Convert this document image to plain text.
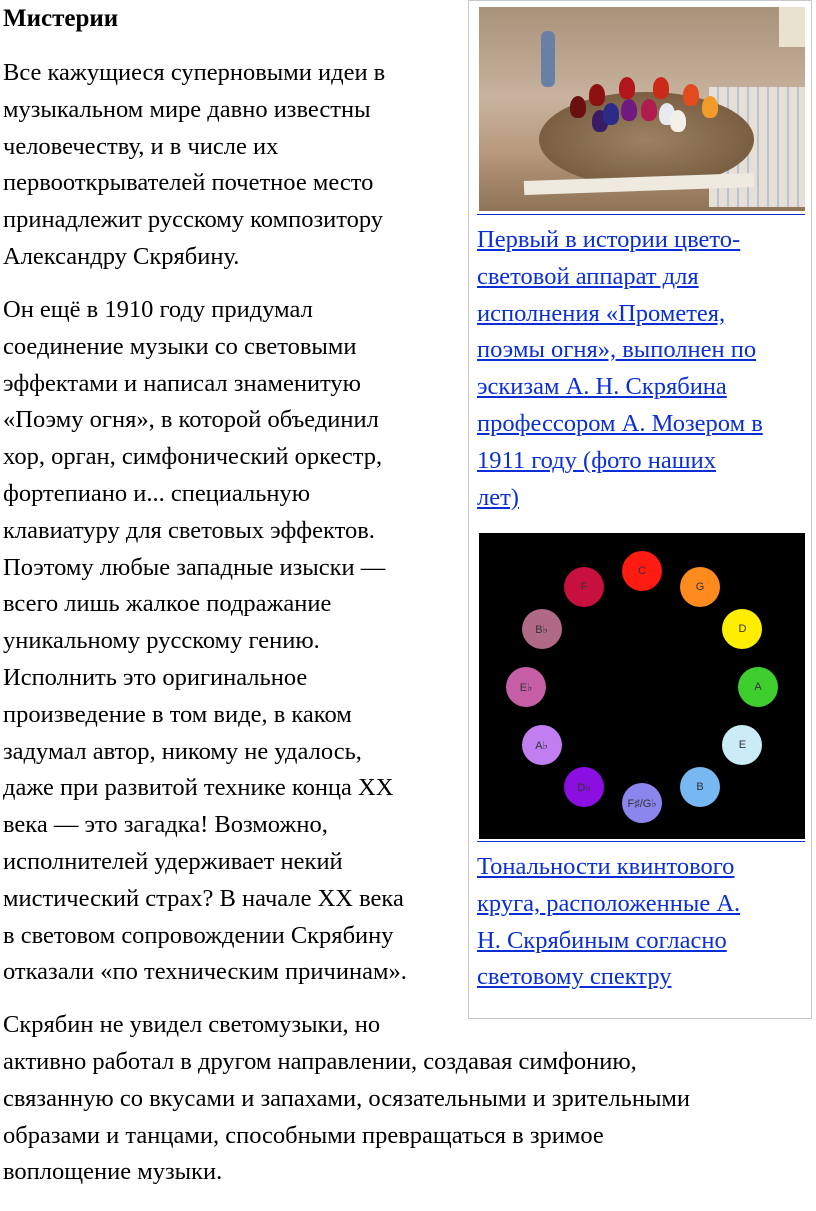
Мистерии

Все кажущиеся суперновыми идеи в
музыкальном мире давно известны
человечеству, и в числе их
первооткрывателей почетное место
принадлежит русскому композитору
Александру Скрябину.

Он ещё в 1910 году придумал
соединение музыки со световыми
эффектами и написал знаменитую
«Поэму огня», в которой объединил
хор, орган, симфонический оркестр,
фортепиано и... специальную
клавиатуру для световых эффектов.
Поэтому любые западные изыски —
всего лишь жалкое подражание
уникальному русскому гению.
Исполнить это оригинальное
произведение в том виде, в каком
задумал автор, никому не удалось,
даже при развитой технике конца XX
века — это загадка! Возможно,
исполнителей удерживает некий
мистический страх? В начале XX века
в световом сопровождении Скрябину
отказали «по техническим причинам».

Скрябин не увидел светомузыки, но

активно работал в другом направлении, создавая симфонию,
связанную со вкусами и запахами, осязательными и зрительными
образами и танцами, способными превращаться в зримое
воплощение музыки.

Первый в истории цвето-
световой аппарат для
исполнения «Прометея,
поэмы огня», выполнен по
эскизам А. Н. Скрябина
профессором А. Мозером в
1911 году (фото наших
лет)

C
G
D
A
E
B
F♯/G♭
D♭
A♭
E♭
B♭
F

Тональности квинтового
круга, расположенные А.
Н. Скрябиным согласно
световому спектру
